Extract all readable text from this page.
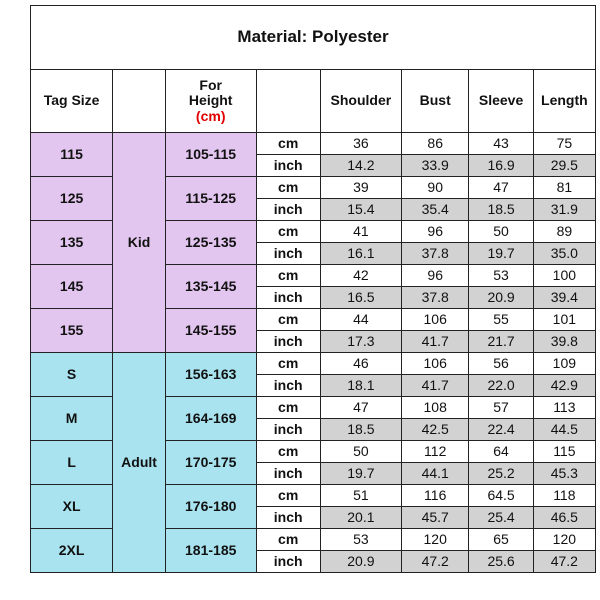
Material: Polyester							
Tag Size		For
Height
(cm)		Shoulder	Bust	Sleeve	Length
115	Kid	105-115	cm	36	86	43	75
			inch	14.2	33.9	16.9	29.5
125		115-125	cm	39	90	47	81
			inch	15.4	35.4	18.5	31.9
135		125-135	cm	41	96	50	89
			inch	16.1	37.8	19.7	35.0
145		135-145	cm	42	96	53	100
			inch	16.5	37.8	20.9	39.4
155		145-155	cm	44	106	55	101
			inch	17.3	41.7	21.7	39.8
S	Adult	156-163	cm	46	106	56	109
			inch	18.1	41.7	22.0	42.9
M		164-169	cm	47	108	57	113
			inch	18.5	42.5	22.4	44.5
L		170-175	cm	50	112	64	115
			inch	19.7	44.1	25.2	45.3
XL		176-180	cm	51	116	64.5	118
			inch	20.1	45.7	25.4	46.5
2XL		181-185	cm	53	120	65	120
			inch	20.9	47.2	25.6	47.2
